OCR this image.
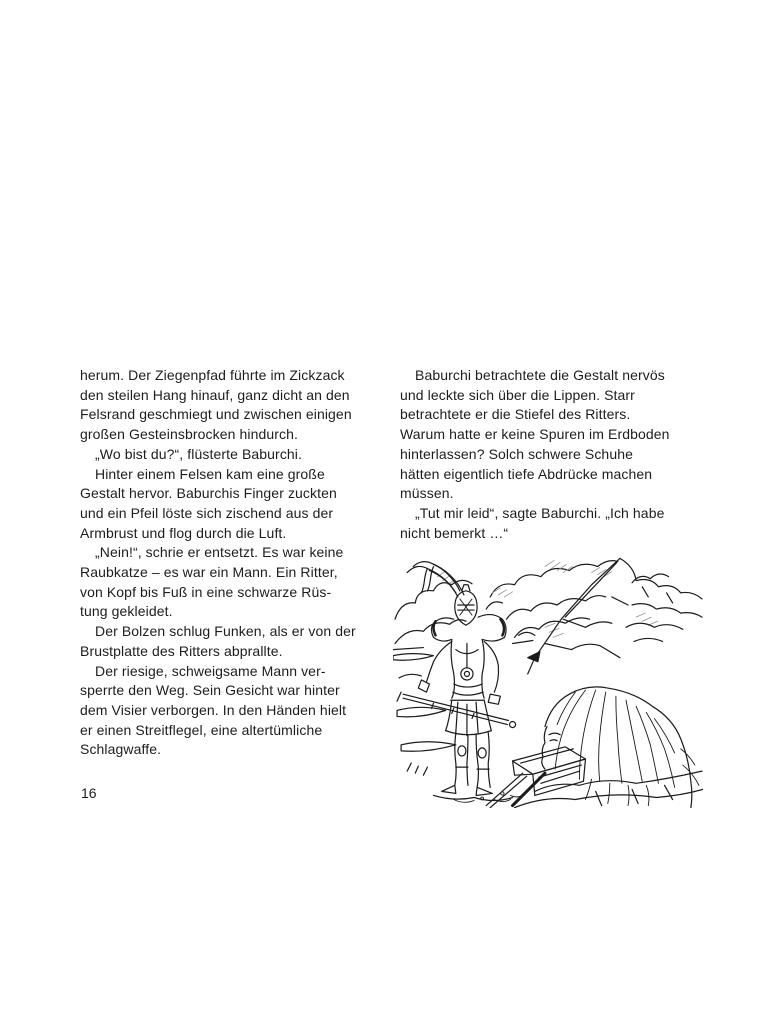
herum. Der Ziegenpfad führte im Zickzack
den steilen Hang hinauf, ganz dicht an den
Felsrand geschmiegt und zwischen einigen
großen Gesteinsbrocken hindurch.
„Wo bist du?“, flüsterte Baburchi.
Hinter einem Felsen kam eine große
Gestalt hervor. Baburchis Finger zuckten
und ein Pfeil löste sich zischend aus der
Armbrust und flog durch die Luft.
„Nein!“, schrie er entsetzt. Es war keine
Raubkatze – es war ein Mann. Ein Ritter,
von Kopf bis Fuß in eine schwarze Rüs-
tung gekleidet.
Der Bolzen schlug Funken, als er von der
Brustplatte des Ritters abprallte.
Der riesige, schweigsame Mann ver-
sperrte den Weg. Sein Gesicht war hinter
dem Visier verborgen. In den Händen hielt
er einen Streitflegel, eine altertümliche
Schlagwaffe.
Baburchi betrachtete die Gestalt nervös
und leckte sich über die Lippen. Starr
betrachtete er die Stiefel des Ritters.
Warum hatte er keine Spuren im Erdboden
hinterlassen? Solch schwere Schuhe
hätten eigentlich tiefe Abdrücke machen
müssen.
„Tut mir leid“, sagte Baburchi. „Ich habe
nicht bemerkt …“
16
